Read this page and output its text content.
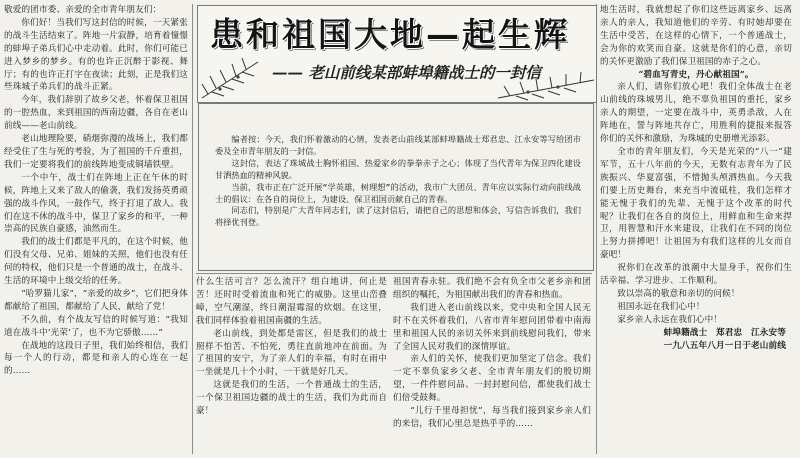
敬爱的团市委、亲爱的全市青年朋友们：

你们好！当我们写这封信的时候，一天紧张的战斗生活结束了。阵地一片寂静，培育着憧憬的蚌埠子弟兵们心中走动着。此时，你们可能已进入梦乡的梦乡。有的也许正沉醉于影视、舞厅；有的也许正打字在夜读；此刻，正是我们这些珠城子弟兵们的战斗正紧。

今年，我们辞别了故乡父老，怀着保卫祖国的一腔热血，来到祖国的西南边疆，各自在老山前线——老山前线。

老山地理险要，硝烟弥漫的战场上，我们都经受住了生与死的考验，为了祖国的千斤重担，我们一定要将我们的前线阵地变成铜墙铁壁。

一个中午，战士们在阵地上正在午休的时候，阵地上又来了敌人的偷袭，我们发扬英勇顽强的战斗作风，一鼓作气，终于打退了敌人。我们在这不休的战斗中，保卫了家乡的和平，一种崇高的民族自豪感，油然而生。

我们的战士们都是平凡的，在这个时候，他们没有父母、兄弟、姐妹的关照，他们也没有任何的特权，他们只是一个普通的战士，在战斗、生活的环境中上级交给的任务。

“哈罗猫儿家”，“亲爱的故乡”，它们把身体都献给了祖国，都献给了人民，献给了党！

不久前，有个战友写信的时候写道：“我知道在战斗中‘光荣’了，也不为它骄傲……”

在战地的这段日子里，我们始终相信，我们每一个人的行动，都是和亲人的心连在一起的……

患和祖国大地—起生辉
—— 老山前线某部蚌埠籍战士的一封信

编者按：今天，我们怀着激动的心情，发表老山前线某部蚌埠籍战士郑君忠、江永安等写给团市委及全市青年朋友的一封信。

这封信，表达了珠城战士胸怀祖国、热爱家乡的拳拳赤子之心；体现了当代青年为保卫四化建设甘洒热血的精神风貌。

当前，我市正在广泛开展“学英雄，树理想”的活动，我市广大团员、青年应以实际行动向前线战士的倡议：在各自的岗位上，为建设、保卫祖国贡献自己的青春。

同志们，特别是广大青年同志们，读了这封信后，请把自己的思想和体会，写信告诉我们，我们将择优刊登。

什么生活可言？怎么流汗？组白地讲，何止是苦！还时时受着流血和死亡的威胁。这里山峦叠嶂，空气潮湿，终日潮湿霉湿的炊烟。在这里，我们同样体验着祖国南疆的生活。

老山前线，到处都是雷区，但是我们的战士照样不怕苦、不怕死，勇往直前地冲在前面。为了祖国的安宁，为了亲人们的幸福，有时在雨中一坐就是几十个小时，一干就是好几天。

这就是我们的生活，一个普通战士的生活，一个保卫祖国边疆的战士的生活，我们为此而自豪！

祖国青春永驻。我们绝不会有负全市父老乡亲和团组织的嘱托，为祖国献出我们的青春和热血。

我们进入老山前线以来，党中央和全国人民无时不在关怀着我们，八省市青年慰问团带着中南海里和祖国人民的亲切关怀来到前线慰问我们，带来了全国人民对我们的深情厚谊。

亲人们的关怀，使我们更加坚定了信念。我们一定不辜负家乡父老、全市青年朋友们的殷切期望，一件件慰问品、一封封慰问信，都使我们战士们倍受鼓舞。

“儿行千里母担忧”，每当我们接到家乡亲人们的来信，我们心里总是热乎乎的……

地生活时，我就想起了你们这些远离家乡、远离亲人的亲人，我知道他们的辛劳、有时她却要在生活中受苦，在这样的心情下，一个普通战士，会为你的欢笑而自豪。这就是你们的心意，亲切的关怀更激励了我们保卫祖国的赤子之心。

“碧血写青史，丹心献祖国”。

亲人们，请你们放心吧！我们全体战士在老山前线的珠城男儿，绝不辜负祖国的重托，家乡亲人的期望，一定要在战斗中，英勇杀敌，人在阵地在，誓与阵地共存亡，用胜利的捷报来报答你们的关怀和激励，为珠城的史册增光添彩。

全市的青年朋友们，今天是光荣的“八一”建军节，五十八年前的今天，无数有志青年为了民族振兴、华夏富强，不惜抛头颅洒热血。今天我们要上历史舞台，来充当中流砥柱，我们怎样才能无愧于我们的先辈、无愧于这个改革的时代呢？让我们在各自的岗位上，用鲜血和生命来捍卫，用智慧和汗水来建设，让我们在不同的岗位上努力拼搏吧！让祖国为有我们这样的儿女而自豪吧！

祝你们在改革的浪潮中大显身手，祝你们生活幸福、学习进步、工作顺利。

致以崇高的敬意和亲切的问候！

祖国永远在我们心中！

家乡亲人永远在我们心中！

蚌埠籍战士　郑君忠　江永安等

一九八五年八月一日于老山前线
